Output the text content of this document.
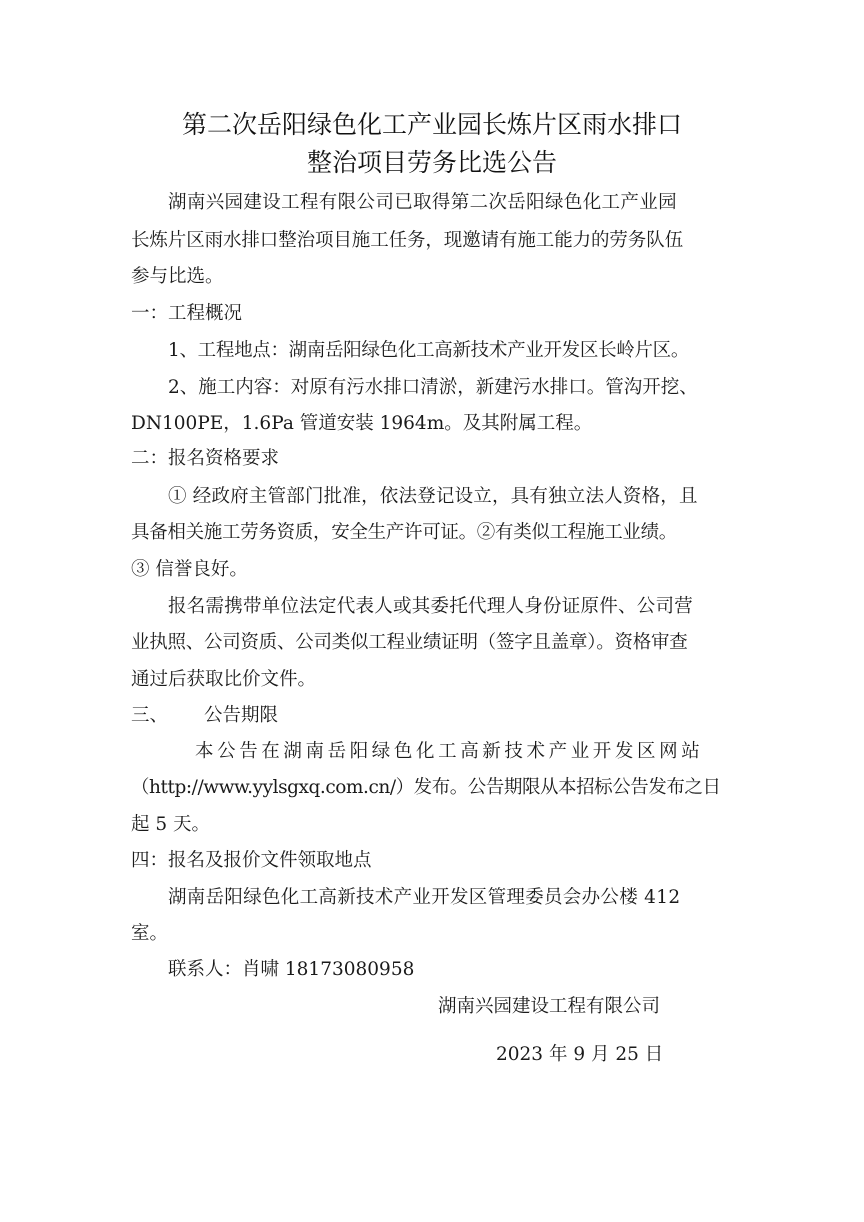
第二次岳阳绿色化工产业园长炼片区雨水排口
整治项目劳务比选公告
湖南兴园建设工程有限公司已取得第二次岳阳绿色化工产业园
长炼片区雨水排口整治项目施工任务，现邀请有施工能力的劳务队伍
参与比选。
一：工程概况
1、工程地点：湖南岳阳绿色化工高新技术产业开发区长岭片区。
2、施工内容：对原有污水排口清淤，新建污水排口。管沟开挖、
DN100PE，1.6Pa 管道安装 1964m。及其附属工程。
二：报名资格要求
① 经政府主管部门批准，依法登记设立，具有独立法人资格，且
具备相关施工劳务资质，安全生产许可证。②有类似工程施工业绩。
③ 信誉良好。
报名需携带单位法定代表人或其委托代理人身份证原件、公司营
业执照、公司资质、公司类似工程业绩证明（签字且盖章）。资格审查
通过后获取比价文件。
三、 公告期限
本公告在湖南岳阳绿色化工高新技术产业开发区网站
（http://www.yylsgxq.com.cn/）发布。公告期限从本招标公告发布之日
起 5 天。
四：报名及报价文件领取地点
湖南岳阳绿色化工高新技术产业开发区管理委员会办公楼 412
室。
联系人：肖啸 18173080958
湖南兴园建设工程有限公司
2023 年 9 月 25 日
